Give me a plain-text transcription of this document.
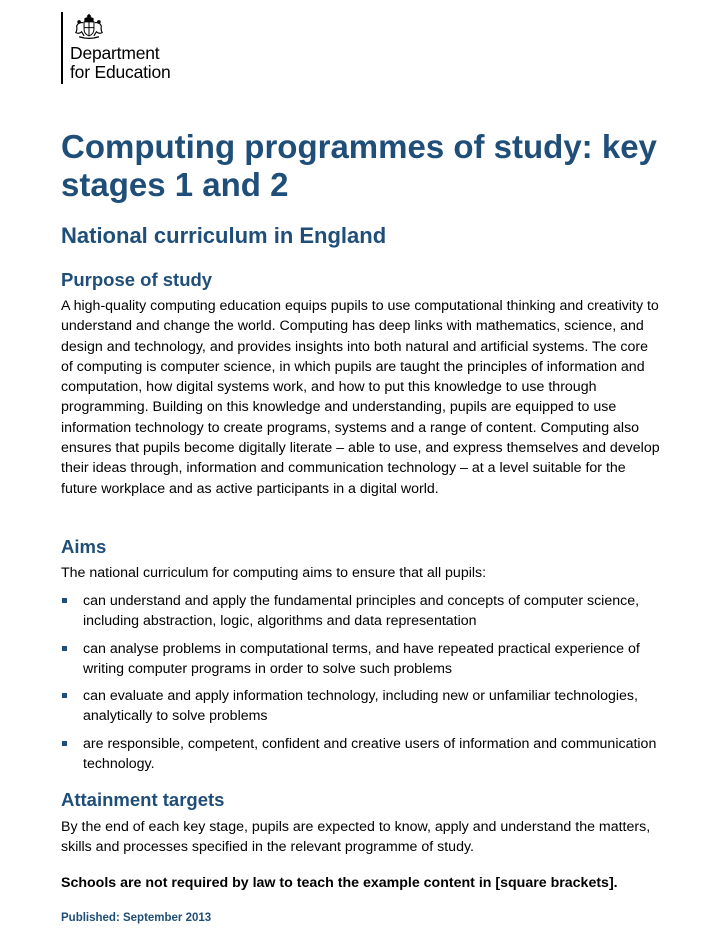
Department
for Education
Computing programmes of study: key stages 1 and 2
National curriculum in England
Purpose of study

A high-quality computing education equips pupils to use computational thinking and creativity to understand and change the world. Computing has deep links with mathematics, science, and design and technology, and provides insights into both natural and artificial systems. The core of computing is computer science, in which pupils are taught the principles of information and computation, how digital systems work, and how to put this knowledge to use through programming. Building on this knowledge and understanding, pupils are equipped to use information technology to create programs, systems and a range of content. Computing also ensures that pupils become digitally literate – able to use, and express themselves and develop their ideas through, information and communication technology – at a level suitable for the future workplace and as active participants in a digital world.

Aims

The national curriculum for computing aims to ensure that all pupils:

can understand and apply the fundamental principles and concepts of computer science, including abstraction, logic, algorithms and data representation
can analyse problems in computational terms, and have repeated practical experience of writing computer programs in order to solve such problems
can evaluate and apply information technology, including new or unfamiliar technologies, analytically to solve problems
are responsible, competent, confident and creative users of information and communication technology.
Attainment targets

By the end of each key stage, pupils are expected to know, apply and understand the matters, skills and processes specified in the relevant programme of study.

Schools are not required by law to teach the example content in [square brackets].

Published: September 2013
